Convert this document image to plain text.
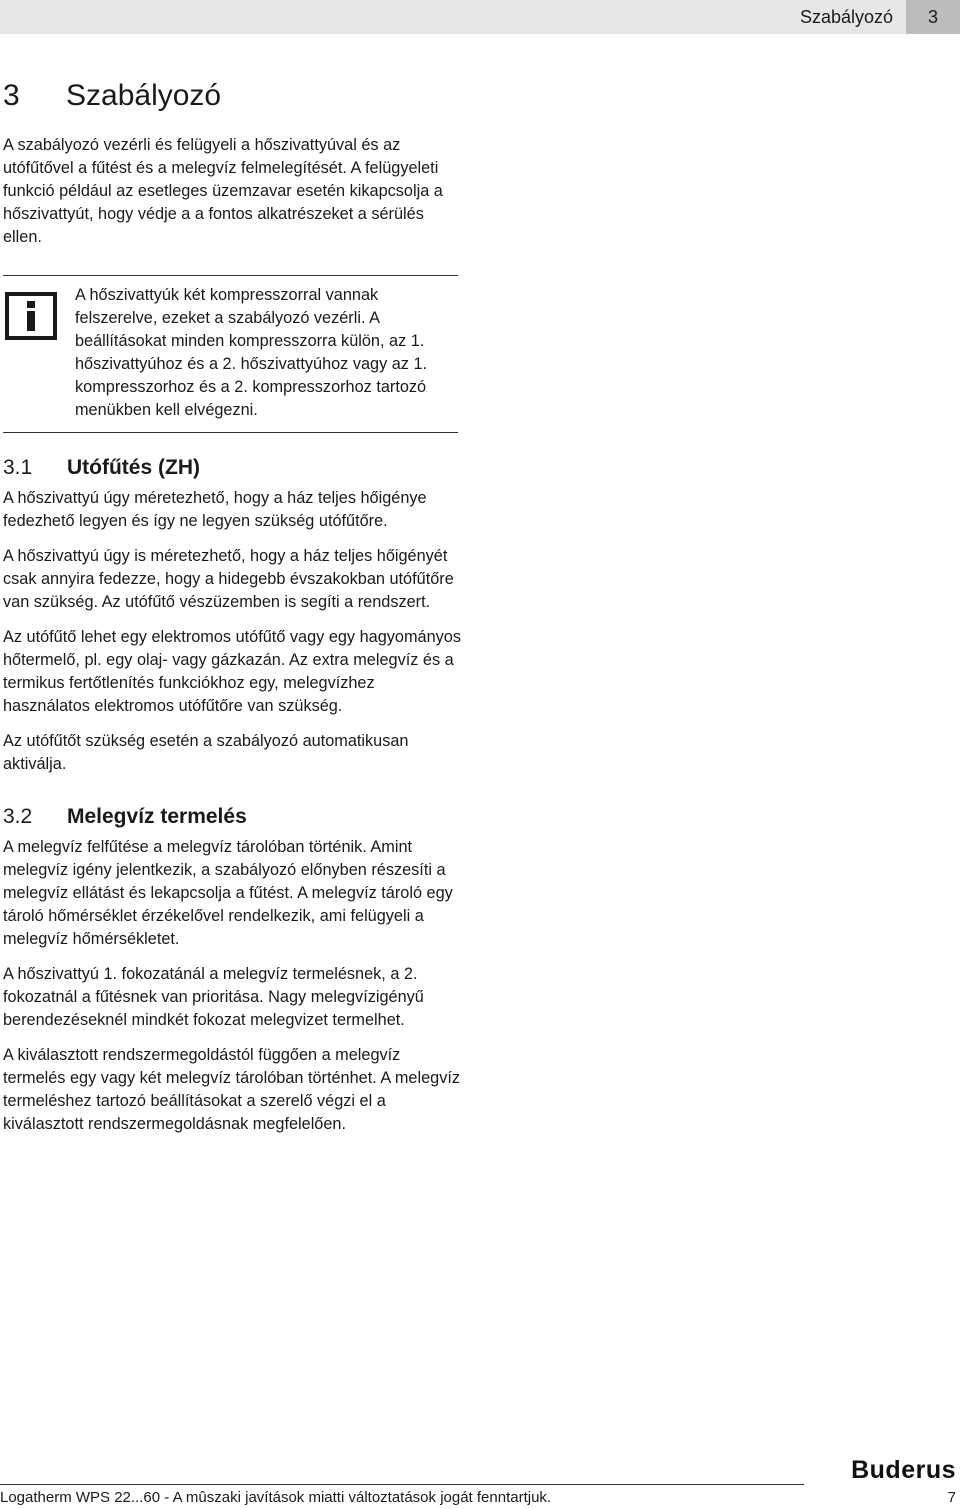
Szabályozó	3
3	Szabályozó

A szabályozó vezérli és felügyeli a hőszivattyúval és az utófűtővel a fűtést és a melegvíz felmelegítését. A felügyeleti funkció például az esetleges üzemzavar esetén kikapcsolja a hőszivattyút, hogy védje a a fontos alkatrészeket a sérülés ellen.

A hőszivattyúk két kompresszorral vannak felszerelve, ezeket a szabályozó vezérli. A beállításokat minden kompresszorra külön, az 1. hőszivattyúhoz és a 2. hőszivattyúhoz vagy az 1. kompresszorhoz és a 2. kompresszorhoz tartozó menükben kell elvégezni.

3.1	Utófűtés (ZH)

A hőszivattyú úgy méretezhető, hogy a ház teljes hőigénye fedezhető legyen és így ne legyen szükség utófűtőre.

A hőszivattyú úgy is méretezhető, hogy a ház teljes hőigényét csak annyira fedezze, hogy a hidegebb évszakokban utófűtőre van szükség. Az utófűtő vészüzemben is segíti a rendszert.

Az utófűtő lehet egy elektromos utófűtő vagy egy hagyományos hőtermelő, pl. egy olaj- vagy gázkazán. Az extra melegvíz és a termikus fertőtlenítés funkciókhoz egy, melegvízhez használatos elektromos utófűtőre van szükség.

Az utófűtőt szükség esetén a szabályozó automatikusan aktiválja.

3.2	Melegvíz termelés

A melegvíz felfűtése a melegvíz tárolóban történik. Amint melegvíz igény jelentkezik, a szabályozó előnyben részesíti a melegvíz ellátást és lekapcsolja a fűtést. A melegvíz tároló egy tároló hőmérséklet érzékelővel rendelkezik, ami felügyeli a melegvíz hőmérsékletet.

A hőszivattyú 1. fokozatánál a melegvíz termelésnek, a 2. fokozatnál a fűtésnek van prioritása. Nagy melegvízigényű berendezéseknél mindkét fokozat melegvizet termelhet.

A kiválasztott rendszermegoldástól függően a melegvíz termelés egy vagy két melegvíz tárolóban történhet. A melegvíz termeléshez tartozó beállításokat a szerelő végzi el a kiválasztott rendszermegoldásnak megfelelően.

Buderus
Logatherm WPS 22...60 - A mûszaki javítások miatti változtatások jogát fenntartjuk.	7
